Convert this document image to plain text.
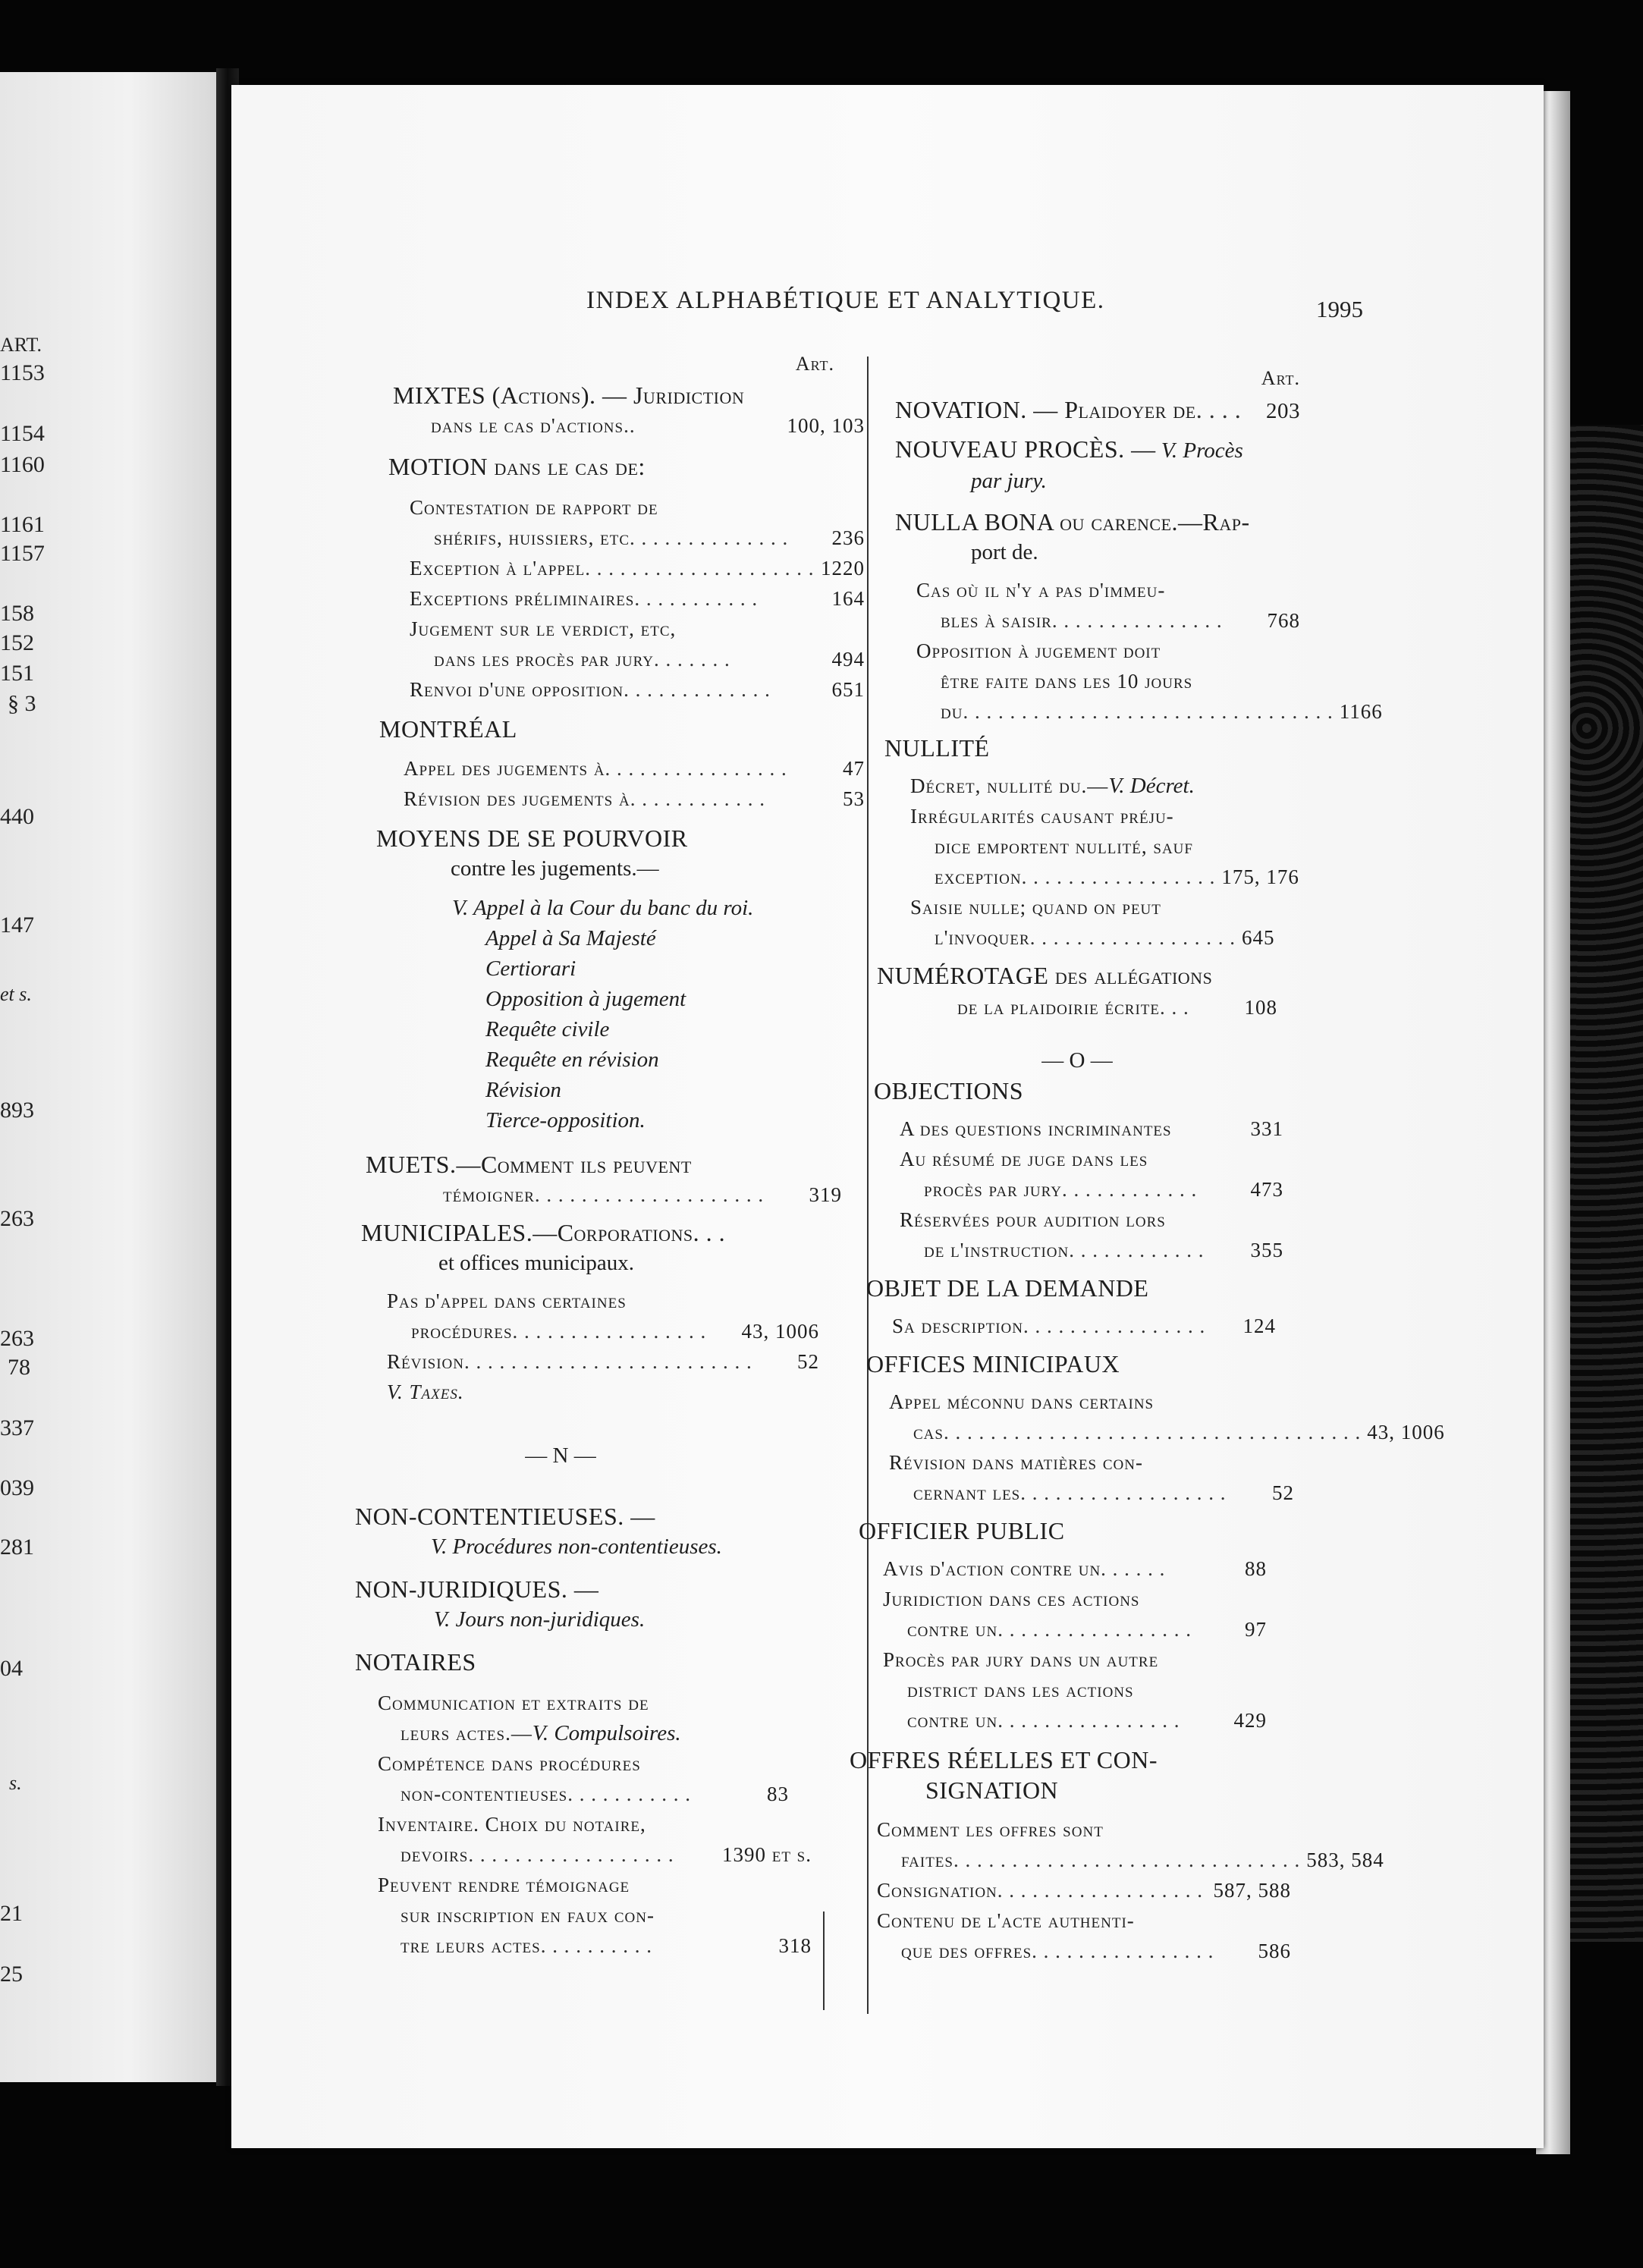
ART.
1153
1154
1160
1161
1157
158
152
151
§ 3
440
147
et s.
893
263
263
78
337
039
281
04
s.
21
25
INDEX ALPHABÉTIQUE ET ANALYTIQUE.	1995
Art.
MIXTES (Actions). — Juridiction
dans le cas d'actions ..	100, 103
MOTION dans le cas de:
Contestation de rapport de
shérifs, huissiers, etc . . . . . . . . . . . . . .	236
Exception à l'appel . . . . . . . . . . . . . . . . . . . . 1220
Exceptions préliminaires . . . . . . . . . . .	164
Jugement sur le verdict, etc,
dans les procès par jury . . . . . . .	494
Renvoi d'une opposition . . . . . . . . . . . . .	651
MONTRÉAL
Appel des jugements à . . . . . . . . . . . . . . . .	47
Révision des jugements à . . . . . . . . . . . .	53
MOYENS DE SE POURVOIR
contre les jugements.—
V. Appel à la Cour du banc du roi.
Appel à Sa Majesté
Certiorari
Opposition à jugement
Requête civile
Requête en révision
Révision
Tierce-opposition.
MUETS.—Comment ils peuvent
témoigner . . . . . . . . . . . . . . . . . . . .	319
MUNICIPALES.—Corporations. . .
et offices municipaux.
Pas d'appel dans certaines
procédures . . . . . . . . . . . . . . . . .	43, 1006
Révision . . . . . . . . . . . . . . . . . . . . . . . . .	52
V. Taxes.
— N —
NON-CONTENTIEUSES. —
V. Procédures non-contentieuses.
NON-JURIDIQUES. —
V. Jours non-juridiques.
NOTAIRES
Communication et extraits de
leurs actes.—V. Compulsoires.
Compétence dans procédures
non-contentieuses . . . . . . . . . . .	83
Inventaire. Choix du notaire,
devoirs . . . . . . . . . . . . . . . . . .	1390 et s.
Peuvent rendre témoignage
sur inscription en faux con-
tre leurs actes . . . . . . . . . .	318
Art.
NOVATION. — Plaidoyer de . . . .	203
NOUVEAU PROCÈS. — V. Procès
par jury.
NULLA BONA ou carence.—Rap-
port de.
Cas où il n'y a pas d'immeu-
bles à saisir . . . . . . . . . . . . . . .	768
Opposition à jugement doit
être faite dans les 10 jours
du . . . . . . . . . . . . . . . . . . . . . . . . . . . . . . . . 1166
NULLITÉ
Décret, nullité du.—V. Décret.
Irrégularités causant préju-
dice emportent nullité, sauf
exception . . . . . . . . . . . . . . . . . 175, 176
Saisie nulle; quand on peut
l'invoquer . . . . . . . . . . . . . . . . . . 645
NUMÉROTAGE des allégations
de la plaidoirie écrite . . .	108
— O —
OBJECTIONS
A des questions incriminantes	331
Au résumé de juge dans les
procès par jury . . . . . . . . . . . .	473
Réservées pour audition lors
de l'instruction . . . . . . . . . . . .	355
OBJET DE LA DEMANDE
Sa description . . . . . . . . . . . . . . . .	124
OFFICES MINICIPAUX
Appel méconnu dans certains
cas . . . . . . . . . . . . . . . . . . . . . . . . . . . . . . . . . . . . 43, 1006
Révision dans matières con-
cernant les . . . . . . . . . . . . . . . . . .	52
OFFICIER PUBLIC
Avis d'action contre un . . . . . .	88
Juridiction dans ces actions
contre un . . . . . . . . . . . . . . . . .	97
Procès par jury dans un autre
district dans les actions
contre un . . . . . . . . . . . . . . . .	429
OFFRES RÉELLES ET CON-
SIGNATION
Comment les offres sont
faites . . . . . . . . . . . . . . . . . . . . . . . . . . . . . . 583, 584
Consignation . . . . . . . . . . . . . . . . . . 587, 588
Contenu de l'acte authenti-
que des offres . . . . . . . . . . . . . . . .	586
